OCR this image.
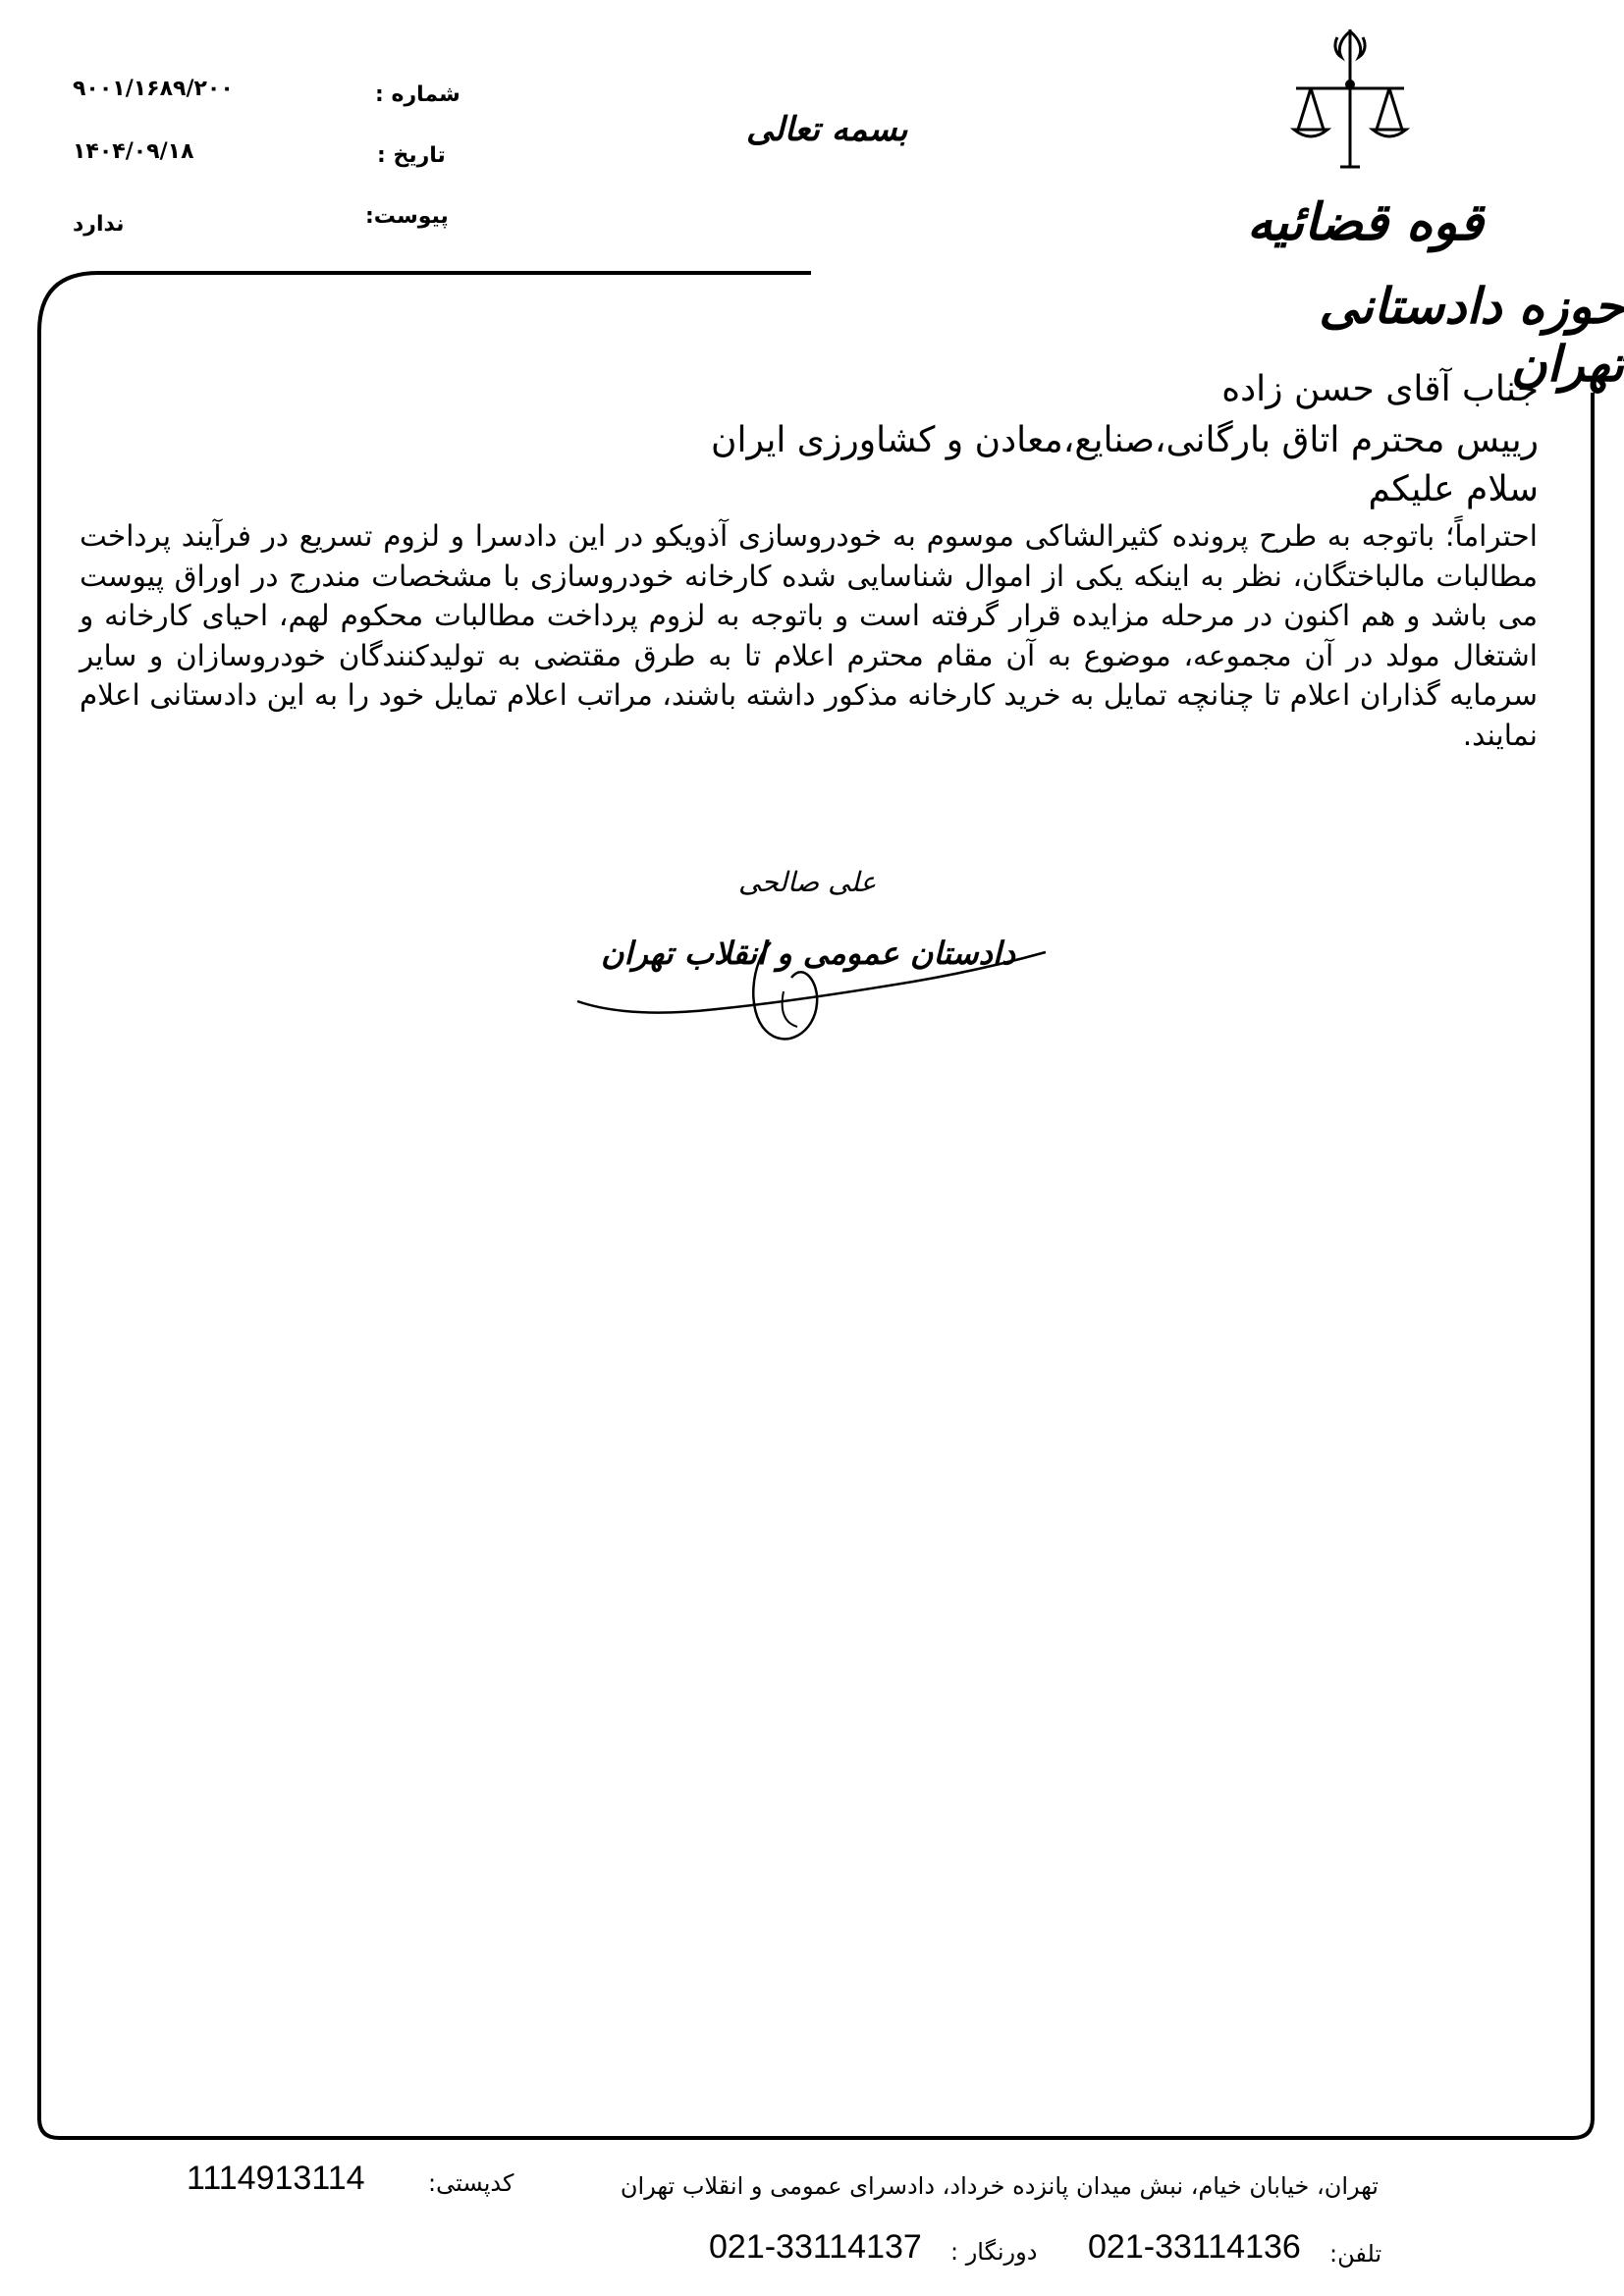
قوه قضائیه
حوزه دادستانی تهران
بسمه تعالی
شماره :
۹۰۰۱/۱۶۸۹/۲۰۰
تاریخ :
۱۴۰۴/۰۹/۱۸
پیوست:
ندارد
جناب آقای حسن زاده
رییس محترم اتاق بارگانی،صنایع،معادن و کشاورزی ایران
سلام علیکم
احتراماً؛ باتوجه به طرح پرونده کثیرالشاکی موسوم به خودروسازی آذویکو در این دادسرا و لزوم تسریع در فرآیند پرداخت مطالبات مالباختگان، نظر به اینکه یکی از اموال شناسایی شده کارخانه خودروسازی با مشخصات مندرج در اوراق پیوست می باشد و هم اکنون در مرحله مزایده قرار گرفته است و باتوجه به لزوم پرداخت مطالبات محکوم لهم، احیای کارخانه و اشتغال مولد در آن مجموعه، موضوع به آن مقام محترم اعلام تا به طرق مقتضی به تولیدکنندگان خودروسازان و سایر سرمایه گذاران اعلام تا چنانچه تمایل به خرید کارخانه مذکور داشته باشند، مراتب اعلام تمایل خود را به این دادستانی اعلام نمایند.
علی صالحی
دادستان عمومی و انقلاب تهران
تهران، خیابان خیام، نبش میدان پانزده خرداد، دادسرای عمومی و انقلاب تهران
کدپستی:
1114913114
تلفن:
021-33114136
دورنگار :
021-33114137
